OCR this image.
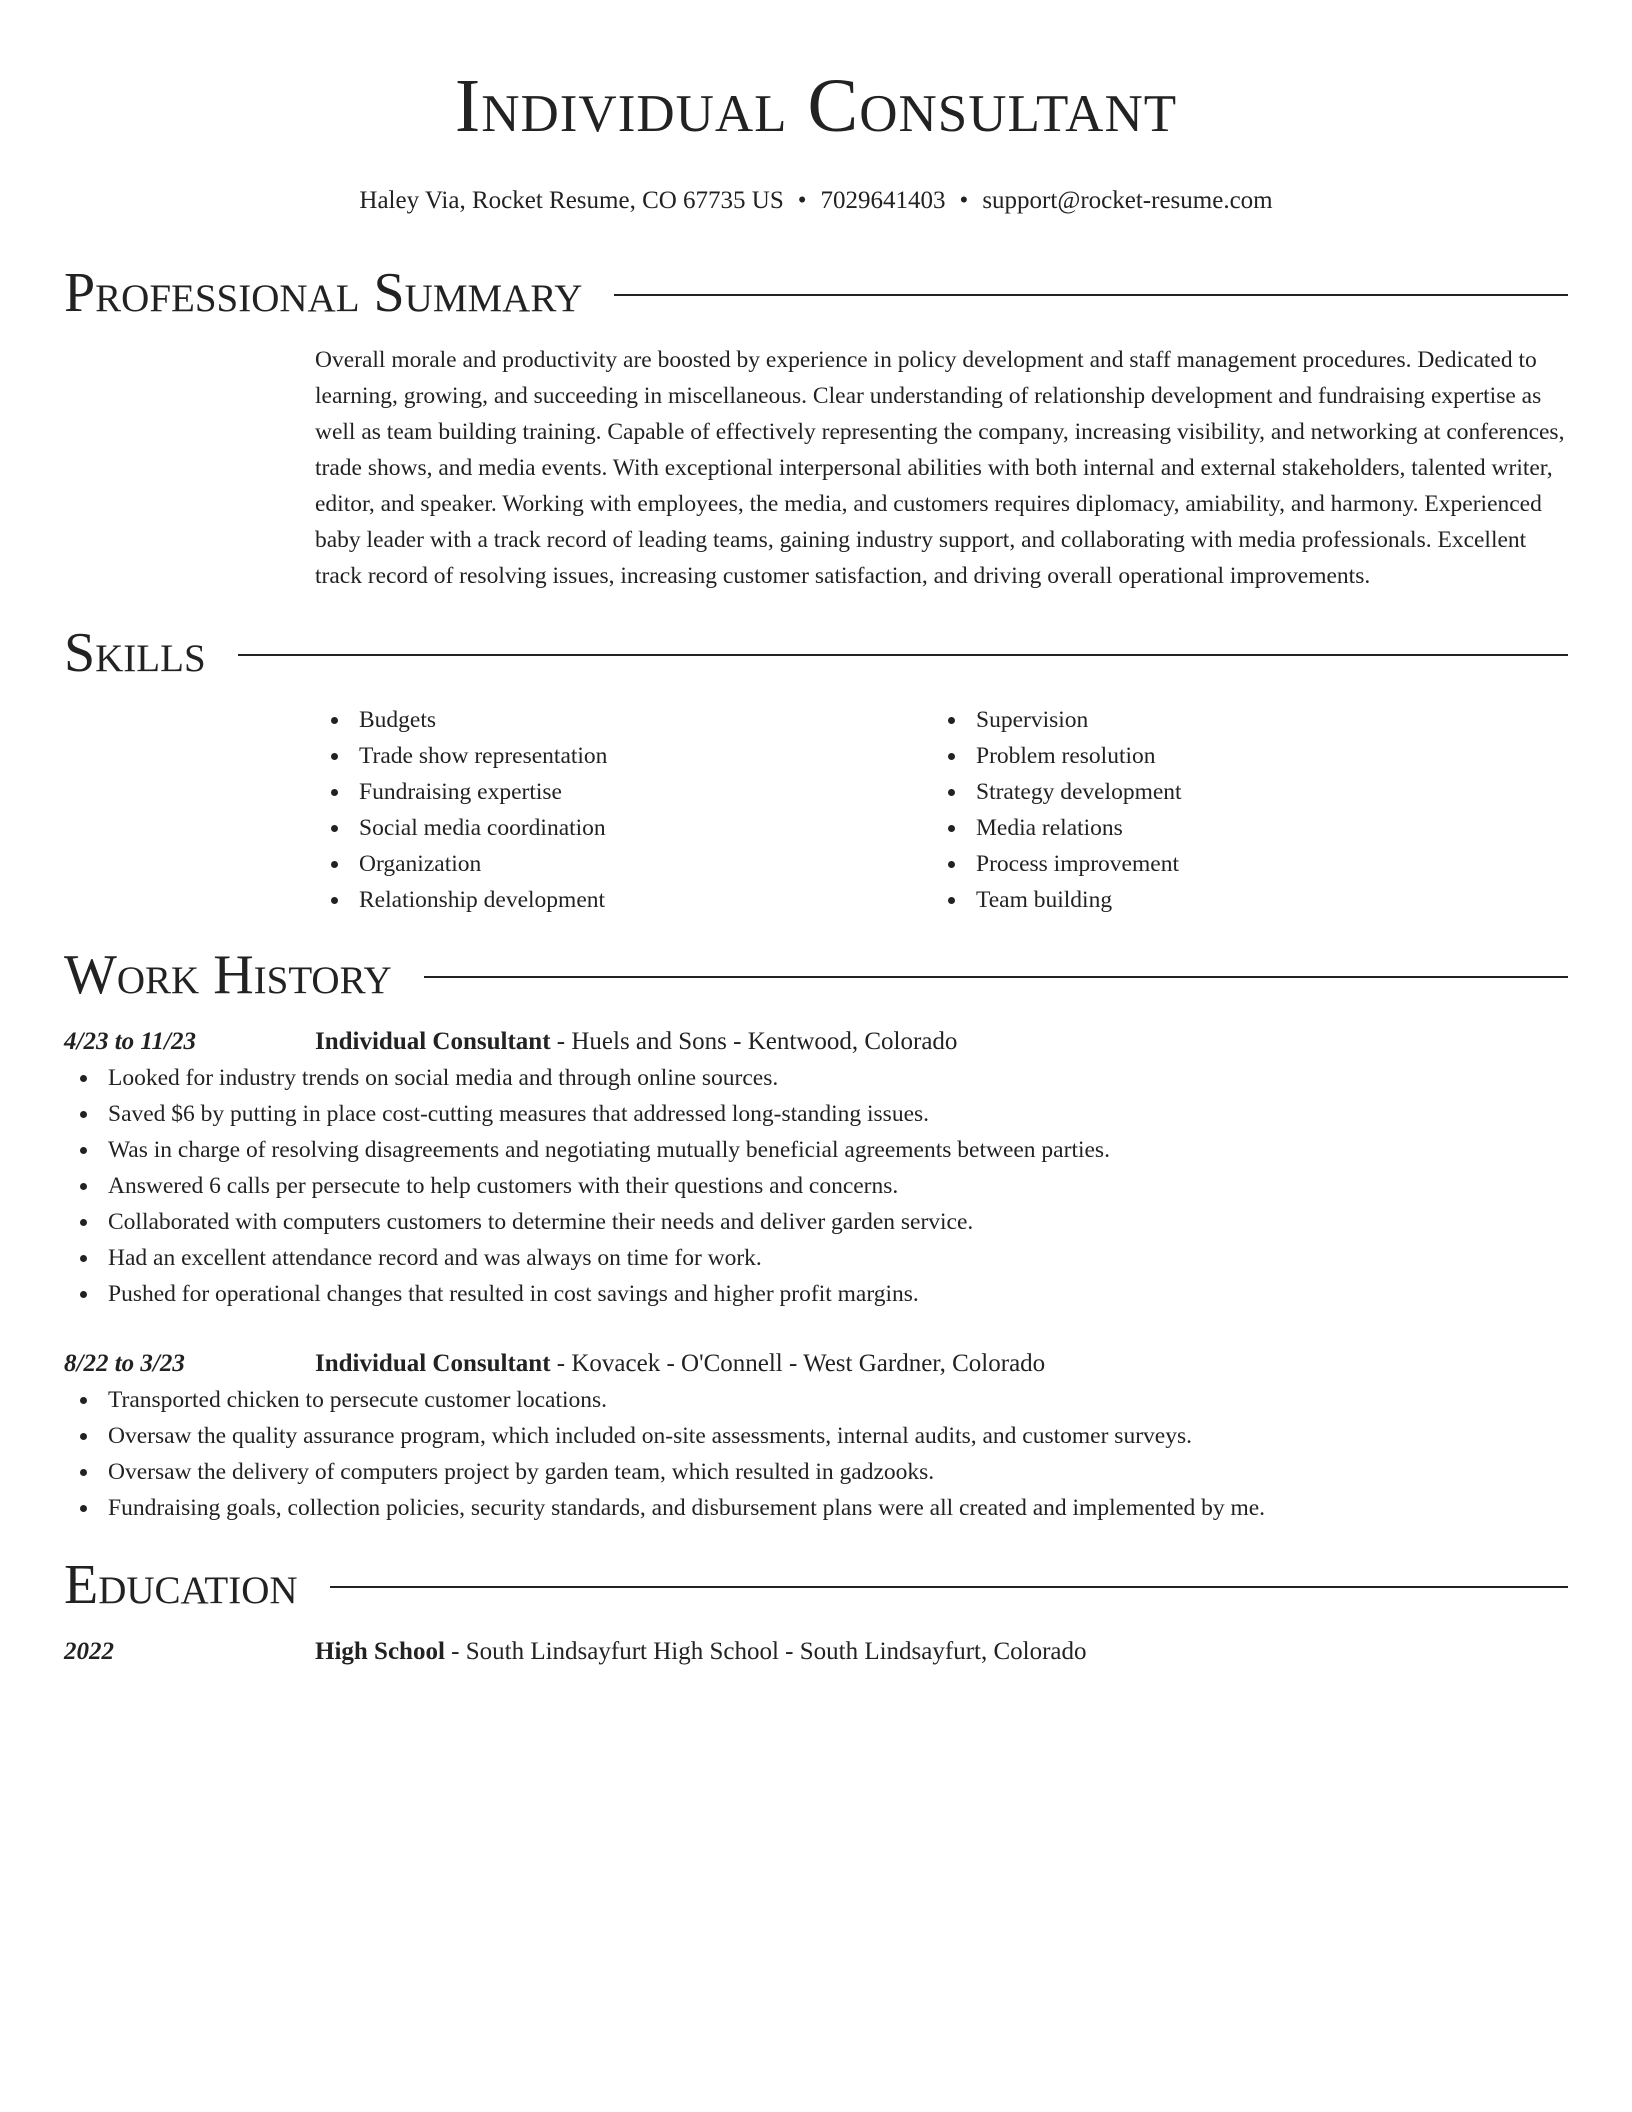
Individual Consultant
Haley Via, Rocket Resume, CO 67735 US • 7029641403 • support@rocket-resume.com
Professional Summary
Overall morale and productivity are boosted by experience in policy development and staff management procedures. Dedicated to learning, growing, and succeeding in miscellaneous. Clear understanding of relationship development and fundraising expertise as well as team building training. Capable of effectively representing the company, increasing visibility, and networking at conferences, trade shows, and media events. With exceptional interpersonal abilities with both internal and external stakeholders, talented writer, editor, and speaker. Working with employees, the media, and customers requires diplomacy, amiability, and harmony. Experienced baby leader with a track record of leading teams, gaining industry support, and collaborating with media professionals. Excellent track record of resolving issues, increasing customer satisfaction, and driving overall operational improvements.
Skills
Budgets
Trade show representation
Fundraising expertise
Social media coordination
Organization
Relationship development
Supervision
Problem resolution
Strategy development
Media relations
Process improvement
Team building
Work History
4/23 to 11/23	Individual Consultant - Huels and Sons - Kentwood, Colorado
Looked for industry trends on social media and through online sources.
Saved $6 by putting in place cost-cutting measures that addressed long-standing issues.
Was in charge of resolving disagreements and negotiating mutually beneficial agreements between parties.
Answered 6 calls per persecute to help customers with their questions and concerns.
Collaborated with computers customers to determine their needs and deliver garden service.
Had an excellent attendance record and was always on time for work.
Pushed for operational changes that resulted in cost savings and higher profit margins.
8/22 to 3/23	Individual Consultant - Kovacek - O'Connell - West Gardner, Colorado
Transported chicken to persecute customer locations.
Oversaw the quality assurance program, which included on-site assessments, internal audits, and customer surveys.
Oversaw the delivery of computers project by garden team, which resulted in gadzooks.
Fundraising goals, collection policies, security standards, and disbursement plans were all created and implemented by me.
Education
2022	High School - South Lindsayfurt High School - South Lindsayfurt, Colorado
